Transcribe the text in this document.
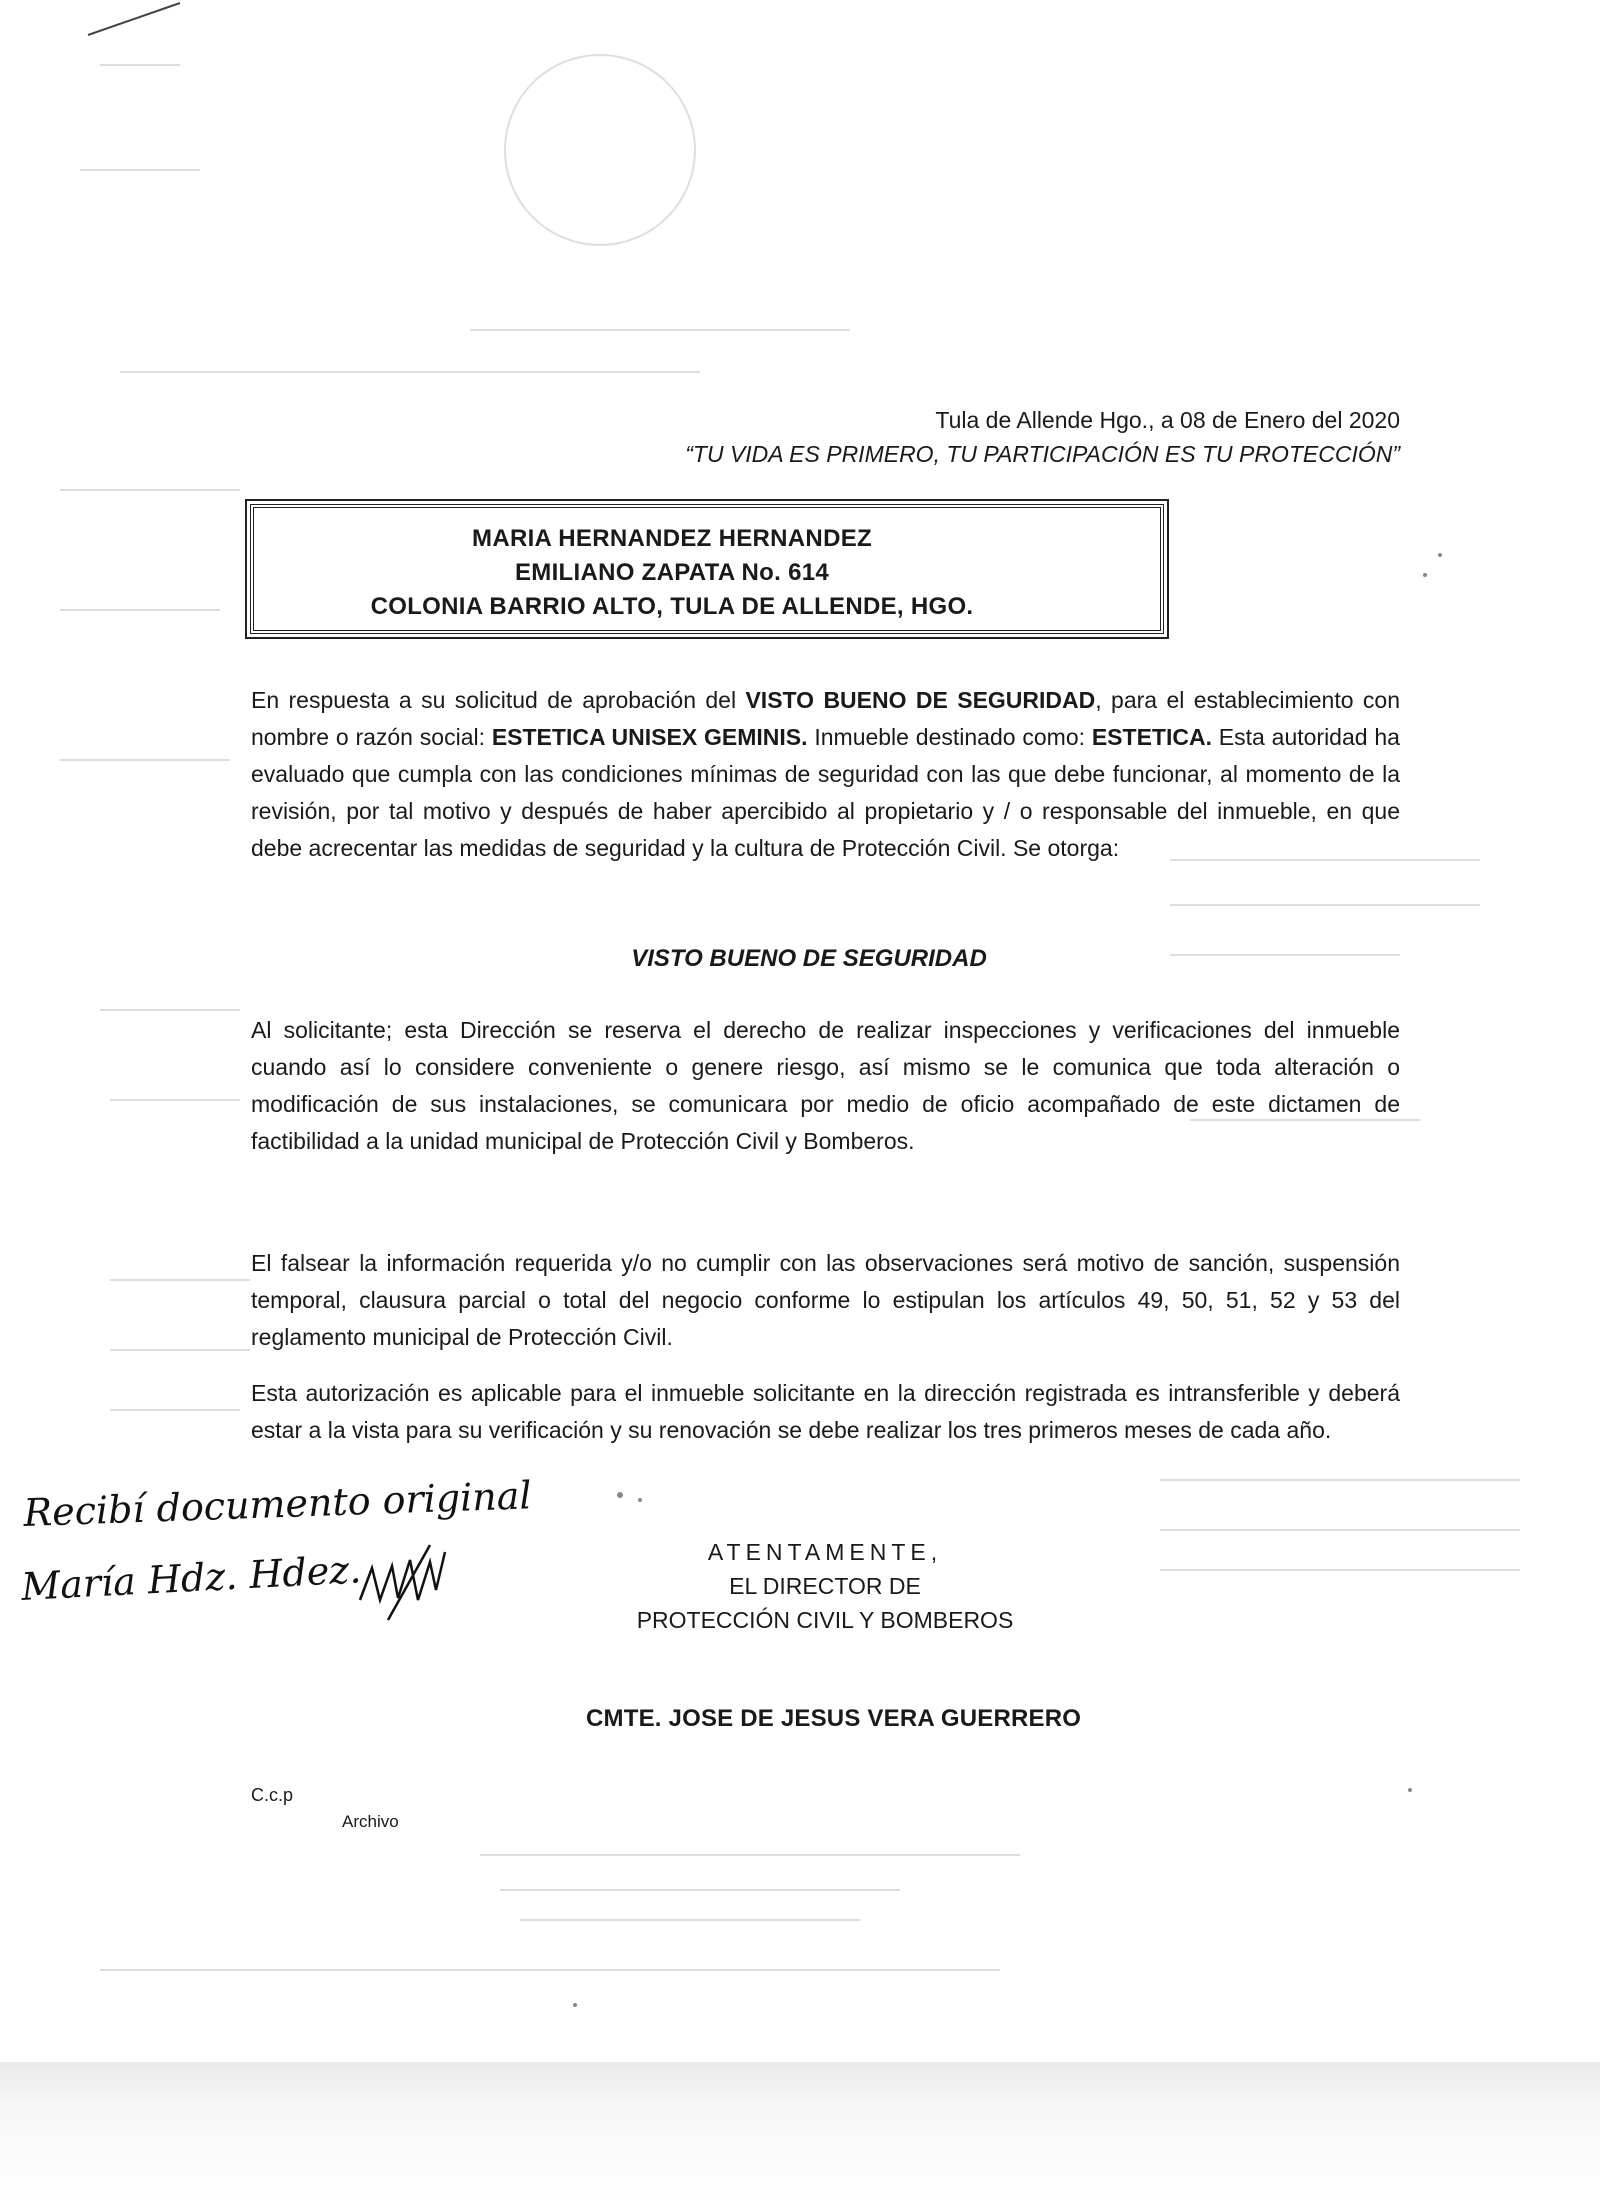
Tula de Allende Hgo., a 08 de Enero del 2020
“TU VIDA ES PRIMERO, TU PARTICIPACIÓN ES TU PROTECCIÓN”
MARIA HERNANDEZ HERNANDEZ
EMILIANO ZAPATA No. 614
COLONIA BARRIO ALTO, TULA DE ALLENDE, HGO.
En respuesta a su solicitud de aprobación del VISTO BUENO DE SEGURIDAD, para el establecimiento con nombre o razón social: ESTETICA UNISEX GEMINIS. Inmueble destinado como: ESTETICA. Esta autoridad ha evaluado que cumpla con las condiciones mínimas de seguridad con las que debe funcionar, al momento de la revisión, por tal motivo y después de haber apercibido al propietario y / o responsable del inmueble, en que debe acrecentar las medidas de seguridad y la cultura de Protección Civil. Se otorga:
VISTO BUENO DE SEGURIDAD
Al solicitante; esta Dirección se reserva el derecho de realizar inspecciones y verificaciones del inmueble cuando así lo considere conveniente o genere riesgo, así mismo se le comunica que toda alteración o modificación de sus instalaciones, se comunicara por medio de oficio acompañado de este dictamen de factibilidad a la unidad municipal de Protección Civil y Bomberos.
El falsear la información requerida y/o no cumplir con las observaciones será motivo de sanción, suspensión temporal, clausura parcial o total del negocio conforme lo estipulan los artículos 49, 50, 51, 52 y 53 del reglamento municipal de Protección Civil.
Esta autorización es aplicable para el inmueble solicitante en la dirección registrada es intransferible y deberá estar a la vista para su verificación y su renovación se debe realizar los tres primeros meses de cada año.
ATENTAMENTE,
EL DIRECTOR DE
PROTECCIÓN CIVIL Y BOMBEROS
CMTE. JOSE DE JESUS VERA GUERRERO
C.c.p
Archivo
Recibí documento original
María Hdz. Hdez.
